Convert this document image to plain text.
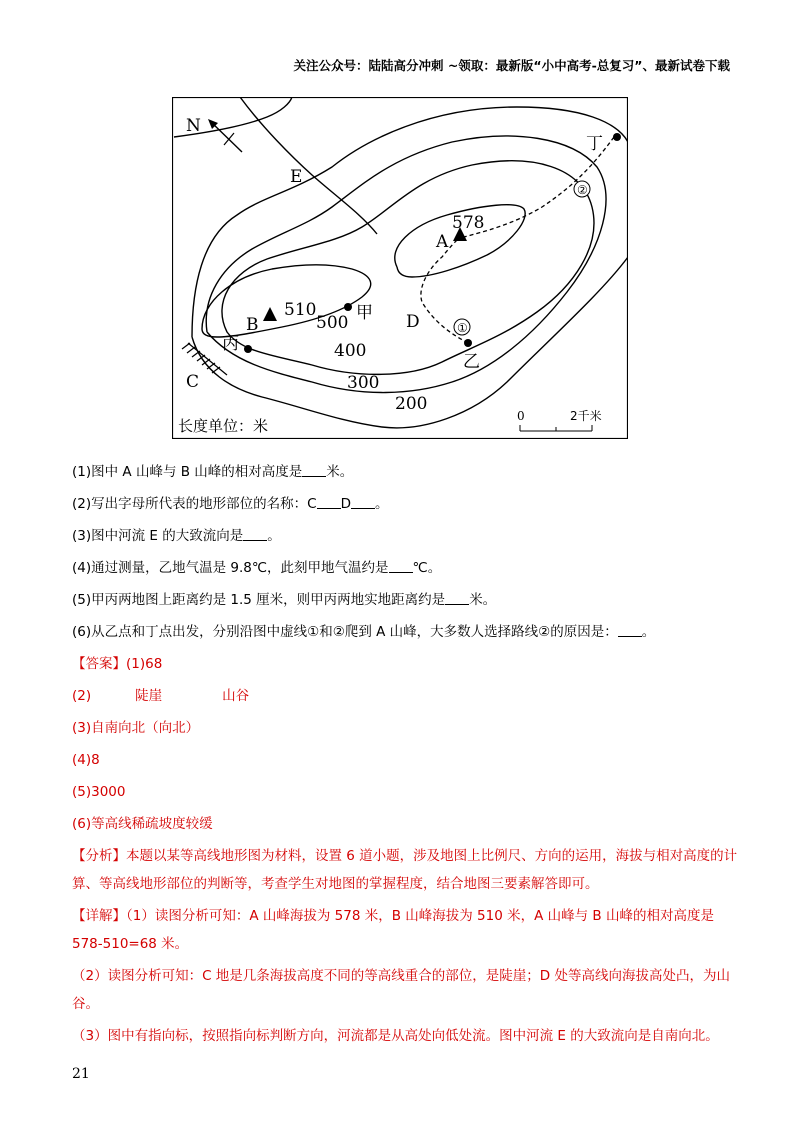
关注公众号：陆陆高分冲刺 ~领取：最新版“小中高考-总复习”、最新试卷下载
N
578
A
510
B
甲
丙
乙
丁
C
D
E
500
400
300
200
①
②
长度单位：米
0	2千米
(1)图中 A 山峰与 B 山峰的相对高度是 米。
(2)写出字母所代表的地形部位的名称：C D 。
(3)图中河流 E 的大致流向是 。
(4)通过测量，乙地气温是 9.8℃，此刻甲地气温约是 ℃。
(5)甲丙两地图上距离约是 1.5 厘米，则甲丙两地实地距离约是 米。
(6)从乙点和丁点出发，分别沿图中虚线①和②爬到 A 山峰，大多数人选择路线②的原因是： 。
【答案】(1)68
(2)	陡崖	山谷
(3)自南向北（向北）
(4)8
(5)3000
(6)等高线稀疏坡度较缓
【分析】本题以某等高线地形图为材料，设置 6 道小题，涉及地图上比例尺、方向的运用，海拔与相对高度的计算、等高线地形部位的判断等，考查学生对地图的掌握程度，结合地图三要素解答即可。
【详解】（1）读图分析可知：A 山峰海拔为 578 米，B 山峰海拔为 510 米，A 山峰与 B 山峰的相对高度是 578-510=68 米。
（2）读图分析可知：C 地是几条海拔高度不同的等高线重合的部位，是陡崖；D 处等高线向海拔高处凸，为山谷。
（3）图中有指向标，按照指向标判断方向，河流都是从高处向低处流。图中河流 E 的大致流向是自南向北。
21
